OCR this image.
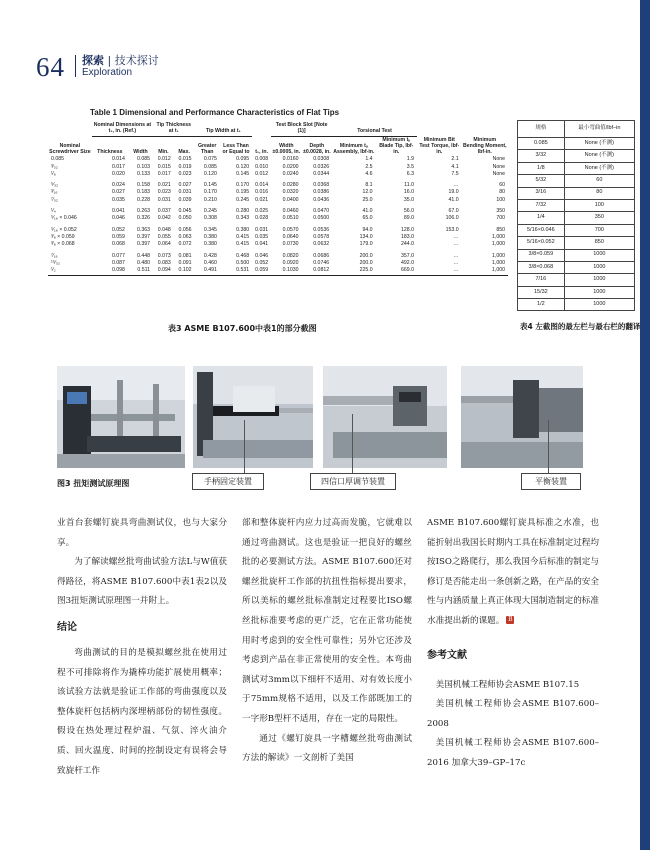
64 探索 | 技术探讨
Exploration
Table 1 Dimensional and Performance Characteristics of Flat Tips
Nominal Screwdriver Size	Nominal Dimensions at t₁, in. (Ref.)		Tip Thickness at t₁		Tip Width at t₁		t₁, in.	Test Block Slot [Note (1)]		Torsional Test		Minimum Bit Test Torque, lbf-in.	Minimum Bending Moment, lbf-in.
	Thickness	Width	Min.	Max.	Greater Than	Less Than or Equal to		Width ±0.0005, in.	Depth ±0.0028, in.	Minimum tᵤ Assembly, lbf-in.	Minimum tᵤ Blade Tip, lbf-in.		

0.085	0.014	0.085	0.012	0.015	0.075	0.095	0.008	0.0160	0.0308	1.4	1.9	2.1	None
³⁄₃₂	0.017	0.103	0.015	0.019	0.085	0.120	0.010	0.0200	0.0326	2.5	3.5	4.1	None
¹⁄₈	0.020	0.133	0.017	0.023	0.120	0.145	0.012	0.0240	0.0344	4.6	6.3	7.5	None
⁵⁄₃₂	0.024	0.158	0.021	0.027	0.145	0.170	0.014	0.0280	0.0368	8.1	11.0	…	60
³⁄₁₆	0.027	0.183	0.023	0.031	0.170	0.195	0.016	0.0320	0.0386	12.0	16.0	19.0	80
⁷⁄₃₂	0.035	0.228	0.031	0.039	0.210	0.245	0.021	0.0400	0.0436	25.0	35.0	41.0	100
¹⁄₄	0.041	0.263	0.037	0.045	0.245	0.280	0.025	0.0460	0.0470	41.0	56.0	67.0	350
⁵⁄₁₆ × 0.046	0.046	0.326	0.042	0.050	0.308	0.343	0.028	0.0510	0.0500	65.0	89.0	106.0	700
⁵⁄₁₆ × 0.052	0.052	0.363	0.048	0.056	0.345	0.380	0.031	0.0570	0.0536	94.0	128.0	153.0	850
³⁄₈ × 0.059	0.059	0.397	0.055	0.063	0.380	0.415	0.035	0.0640	0.0578	134.0	183.0	…	1,000
³⁄₈ × 0.068	0.068	0.397	0.064	0.072	0.380	0.415	0.041	0.0730	0.0632	179.0	244.0	…	1,000
⁷⁄₁₆	0.077	0.448	0.073	0.081	0.428	0.468	0.046	0.0820	0.0686	200.0	357.0	…	1,000
¹⁵⁄₃₂	0.087	0.480	0.083	0.091	0.460	0.500	0.052	0.0920	0.0746	200.0	492.0	…	1,000
¹⁄₂	0.098	0.511	0.094	0.102	0.491	0.531	0.059	0.1030	0.0812	225.0	669.0	…	1,000
表3 ASME B107.600中表1的部分截图
规格	最小弯曲值/lbf–in
0.085	None (不测)
3/32	None (不测)
1/8	None (不测)
5/32	60
3/16	80
7/32	100
1/4	350
5/16×0.046	700
5/16×0.052	850
3/8×0.059	1000
3/8×0.068	1000
7/16	1000
15/32	1000
1/2	1000
表4 左截图的最左栏与最右栏的翻译
图3 扭矩测试原理图	手柄固定装置	四信口厚调节装置	平衡装置

业首台套螺钉旋具弯曲测试仪，也与大家分享。

为了解读螺丝批弯曲试验方法L与W值获得路径，将ASME B107.600中表1表2以及图3扭矩测试原理图一并附上。

结论

弯曲测试的目的是模拟螺丝批在使用过程不可排除将作为撬棒功能扩展使用概率；该试验方法就是验证工作部的弯曲强度以及整体旋杆包括柄内深埋柄部份的韧性强度。假设在热处理过程炉温、气氛、淬火油介质、回火温度、时间的控制设定有误将会导致旋杆工作

部和整体旋杆内应力过高而发脆，它就难以通过弯曲测试。这也是验证一把良好的螺丝批的必要测试方法。ASME B107.600还对螺丝批旋杆工作部的抗扭性指标提出要求，所以美标的螺丝批标准制定过程要比ISO螺丝批标准要考虑的更广泛，它在正常功能使用时考虑到的安全性可靠性；另外它还涉及考虑到产品在非正常使用的安全性。本弯曲测试对3mm以下细杆不适用、对有效长度小于75mm规格不适用，以及工作部既加工的一字形B型杆不适用，存在一定的局限性。

通过《螺钉旋具一字槽螺丝批弯曲测试方法的解读》一文剖析了美国

ASME B107.600螺钉旋具标准之水准，也能折射出我国长时期内工具在标准制定过程均按ISO之路爬行，那么我国今后标准的制定与修订是否能走出一条创新之路，在产品的安全性与内涵质量上真正体现大国制造制定的标准水准提出新的课题。 B

参考文献

美国机械工程师协会ASME B107.15

美国机械工程师协会ASME B107.600–2008

美国机械工程师协会ASME B107.600–2016 加拿大39–GP–17c
